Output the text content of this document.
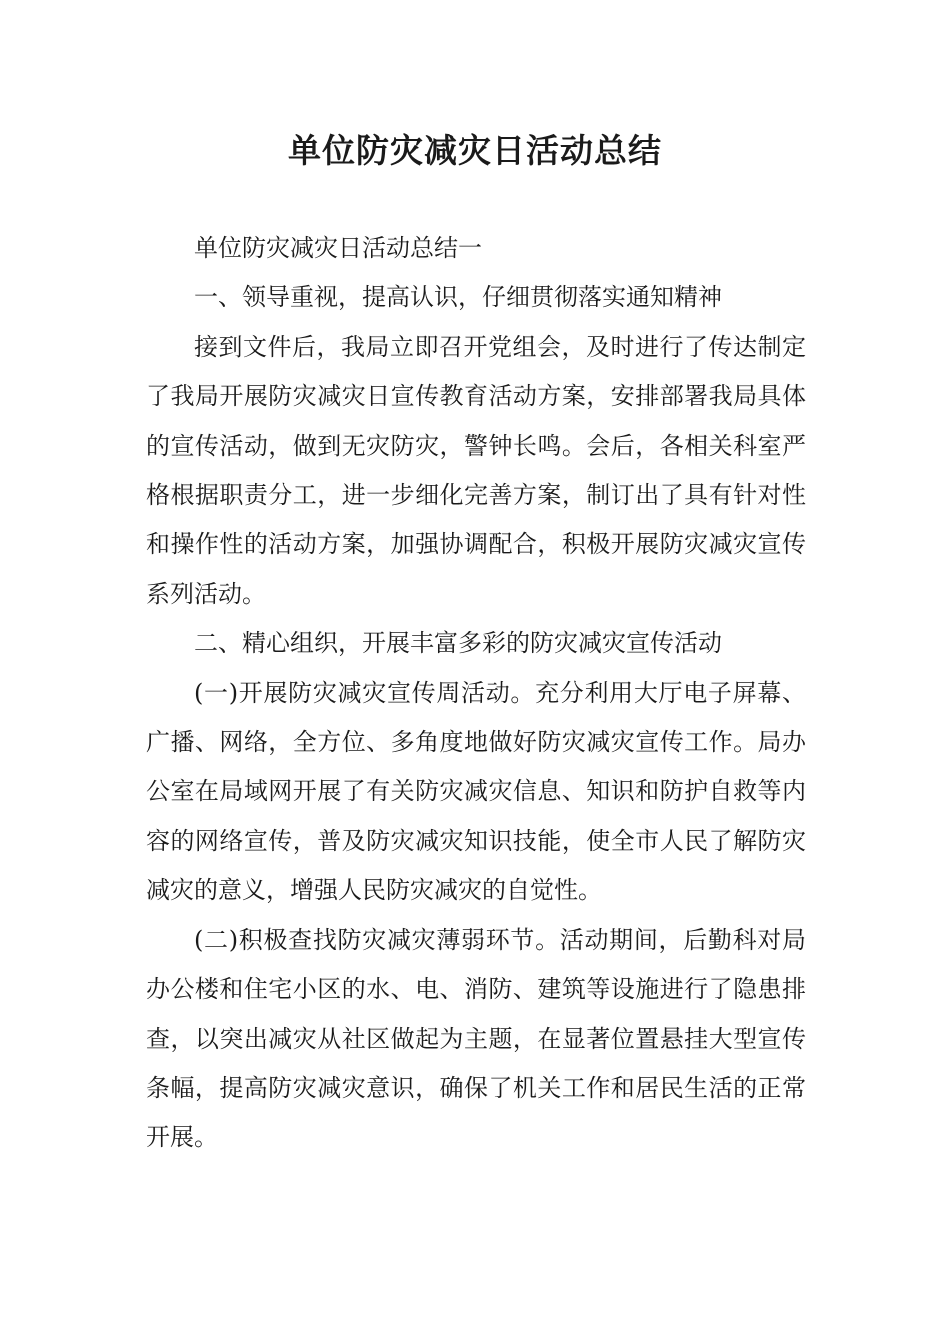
单位防灾减灾日活动总结

单位防灾减灾日活动总结一

一、领导重视，提高认识，仔细贯彻落实通知精神

接到文件后，我局立即召开党组会，及时进行了传达制定了我局开展防灾减灾日宣传教育活动方案，安排部署我局具体的宣传活动，做到无灾防灾，警钟长鸣。会后，各相关科室严格根据职责分工，进一步细化完善方案，制订出了具有针对性和操作性的活动方案，加强协调配合，积极开展防灾减灾宣传系列活动。

二、精心组织，开展丰富多彩的防灾减灾宣传活动

(一)开展防灾减灾宣传周活动。充分利用大厅电子屏幕、广播、网络，全方位、多角度地做好防灾减灾宣传工作。局办公室在局域网开展了有关防灾减灾信息、知识和防护自救等内容的网络宣传，普及防灾减灾知识技能，使全市人民了解防灾减灾的意义，增强人民防灾减灾的自觉性。

(二)积极查找防灾减灾薄弱环节。活动期间，后勤科对局办公楼和住宅小区的水、电、消防、建筑等设施进行了隐患排查，以突出减灾从社区做起为主题，在显著位置悬挂大型宣传条幅，提高防灾减灾意识，确保了机关工作和居民生活的正常开展。
